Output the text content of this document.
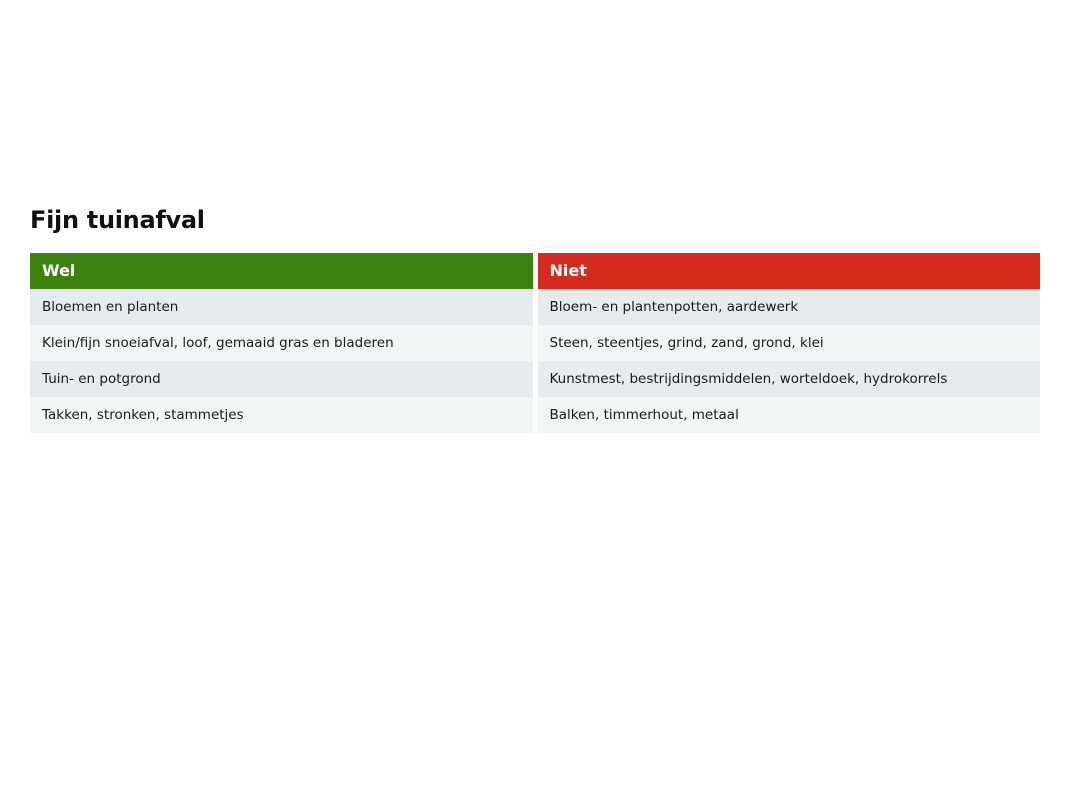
Fijn tuinafval
Wel
Bloemen en planten
Klein/fijn snoeiafval, loof, gemaaid gras en bladeren
Tuin- en potgrond
Takken, stronken, stammetjes
Niet
Bloem- en plantenpotten, aardewerk
Steen, steentjes, grind, zand, grond, klei
Kunstmest, bestrijdingsmiddelen, worteldoek, hydrokorrels
Balken, timmerhout, metaal
